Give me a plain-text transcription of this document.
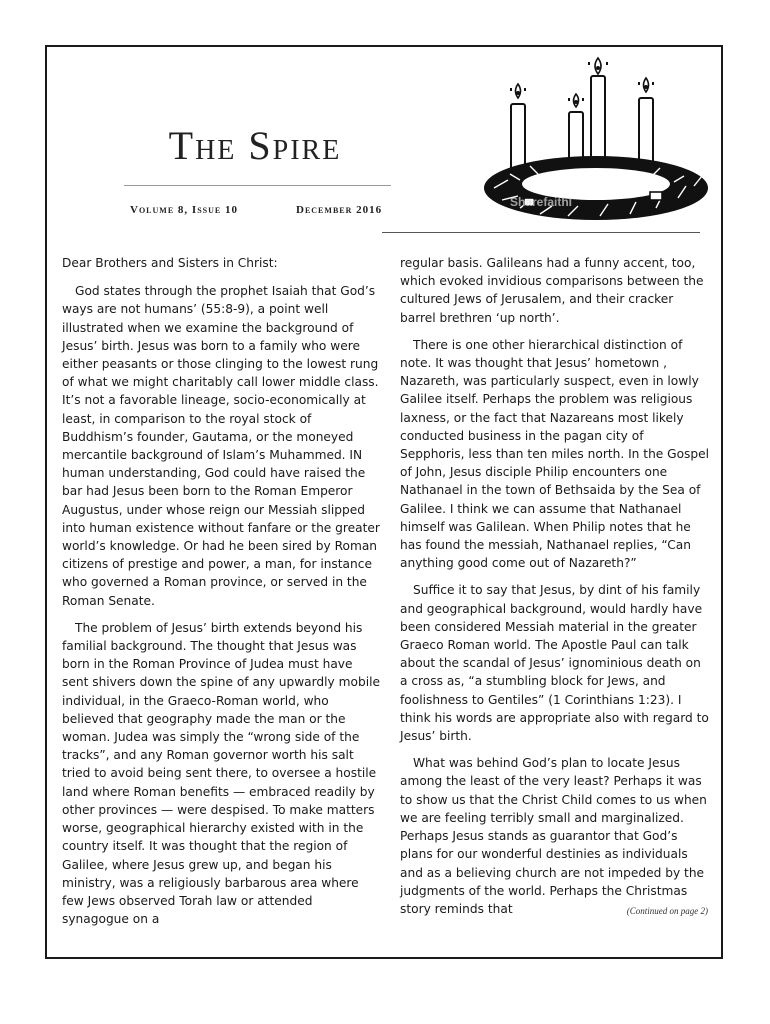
The Spire
Volume 8, Issue 10	December 2016
SharefaithI

Dear Brothers and Sisters in Christ:

God states through the prophet Isaiah that God’s ways are not humans’ (55:8-9), a point well illustrated when we examine the background of Jesus’ birth. Jesus was born to a family who were either peasants or those clinging to the lowest rung of what we might charitably call lower middle class. It’s not a favorable lineage, socio-economically at least, in comparison to the royal stock of Buddhism’s founder, Gautama, or the moneyed mercantile background of Islam’s Muhammed. IN human understanding, God could have raised the bar had Jesus been born to the Roman Emperor Augustus, under whose reign our Messiah slipped into human existence without fanfare or the greater world’s knowledge. Or had he been sired by Roman citizens of prestige and power, a man, for instance who governed a Roman province, or served in the Roman Senate.

The problem of Jesus’ birth extends beyond his familial background. The thought that Jesus was born in the Roman Province of Judea must have sent shivers down the spine of any upwardly mobile individual, in the Graeco-Roman world, who believed that geography made the man or the woman. Judea was simply the “wrong side of the tracks”, and any Roman governor worth his salt tried to avoid being sent there, to oversee a hostile land where Roman benefits — embraced readily by other provinces — were despised. To make matters worse, geographical hierarchy existed with in the country itself. It was thought that the region of Galilee, where Jesus grew up, and began his ministry, was a religiously barbarous area where few Jews observed Torah law or attended synagogue on a

regular basis. Galileans had a funny accent, too, which evoked invidious comparisons between the cultured Jews of Jerusalem, and their cracker barrel brethren ‘up north’.

There is one other hierarchical distinction of note. It was thought that Jesus’ hometown , Nazareth, was particularly suspect, even in lowly Galilee itself. Perhaps the problem was religious laxness, or the fact that Nazareans most likely conducted business in the pagan city of Sepphoris, less than ten miles north. In the Gospel of John, Jesus disciple Philip encounters one Nathanael in the town of Bethsaida by the Sea of Galilee. I think we can assume that Nathanael himself was Galilean. When Philip notes that he has found the messiah, Nathanael replies, “Can anything good come out of Nazareth?”

Suffice it to say that Jesus, by dint of his family and geographical background, would hardly have been considered Messiah material in the greater Graeco Roman world. The Apostle Paul can talk about the scandal of Jesus’ ignominious death on a cross as, “a stumbling block for Jews, and foolishness to Gentiles” (1 Corinthians 1:23). I think his words are appropriate also with regard to Jesus’ birth.

What was behind God’s plan to locate Jesus among the least of the very least? Perhaps it was to show us that the Christ Child comes to us when we are feeling terribly small and marginalized. Perhaps Jesus stands as guarantor that God’s plans for our wonderful destinies as individuals and as a believing church are not impeded by the judgments of the world. Perhaps the Christmas story reminds that	(Continued on page 2)
